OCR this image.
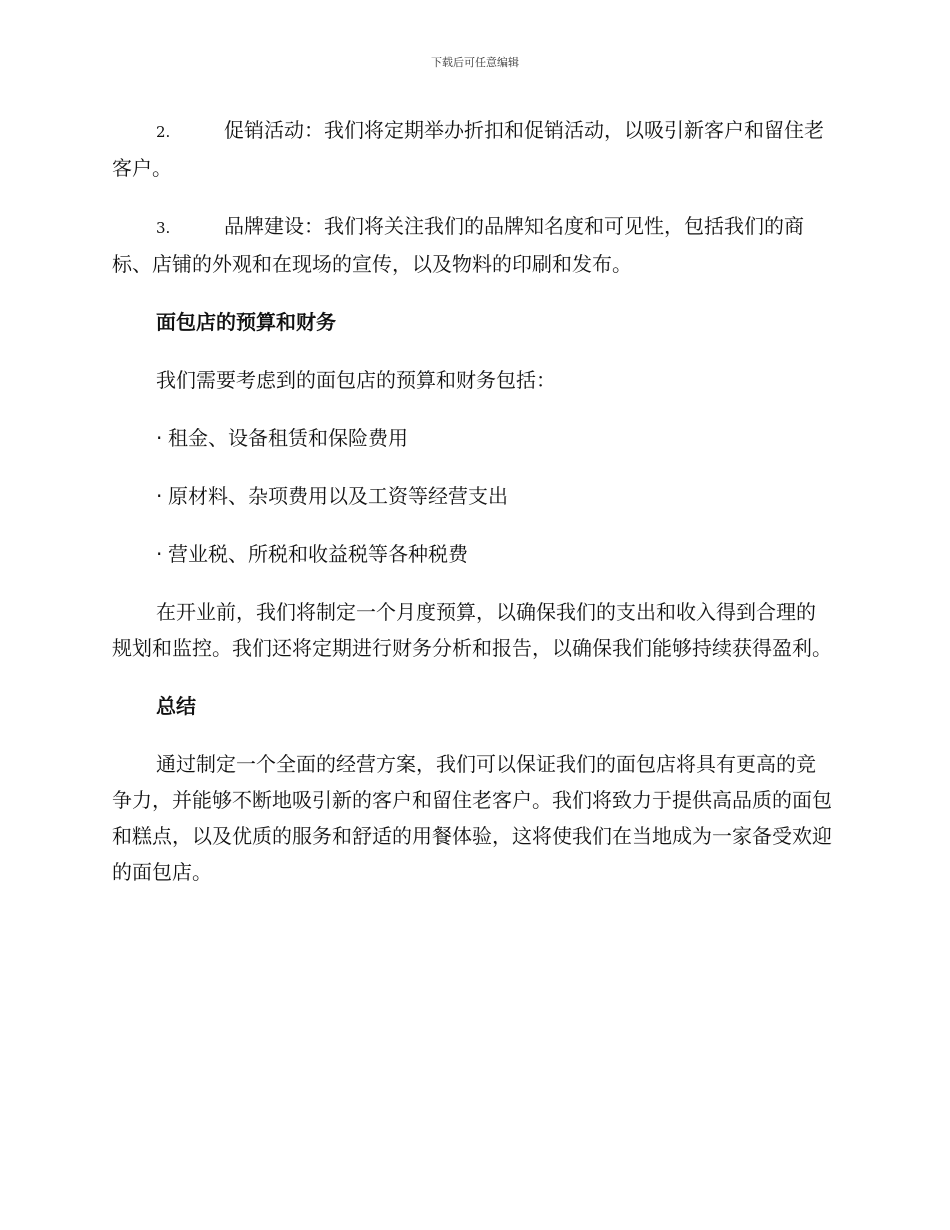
下载后可任意编辑

2.	促销活动：我们将定期举办折扣和促销活动，以吸引新客户和留住老客户。

3.	品牌建设：我们将关注我们的品牌知名度和可见性，包括我们的商标、店铺的外观和在现场的宣传，以及物料的印刷和发布。

面包店的预算和财务

我们需要考虑到的面包店的预算和财务包括：

· 租金、设备租赁和保险费用

· 原材料、杂项费用以及工资等经营支出

· 营业税、所税和收益税等各种税费

在开业前，我们将制定一个月度预算，以确保我们的支出和收入得到合理的规划和监控。我们还将定期进行财务分析和报告，以确保我们能够持续获得盈利。

总结

通过制定一个全面的经营方案，我们可以保证我们的面包店将具有更高的竞争力，并能够不断地吸引新的客户和留住老客户。我们将致力于提供高品质的面包和糕点，以及优质的服务和舒适的用餐体验，这将使我们在当地成为一家备受欢迎的面包店。
